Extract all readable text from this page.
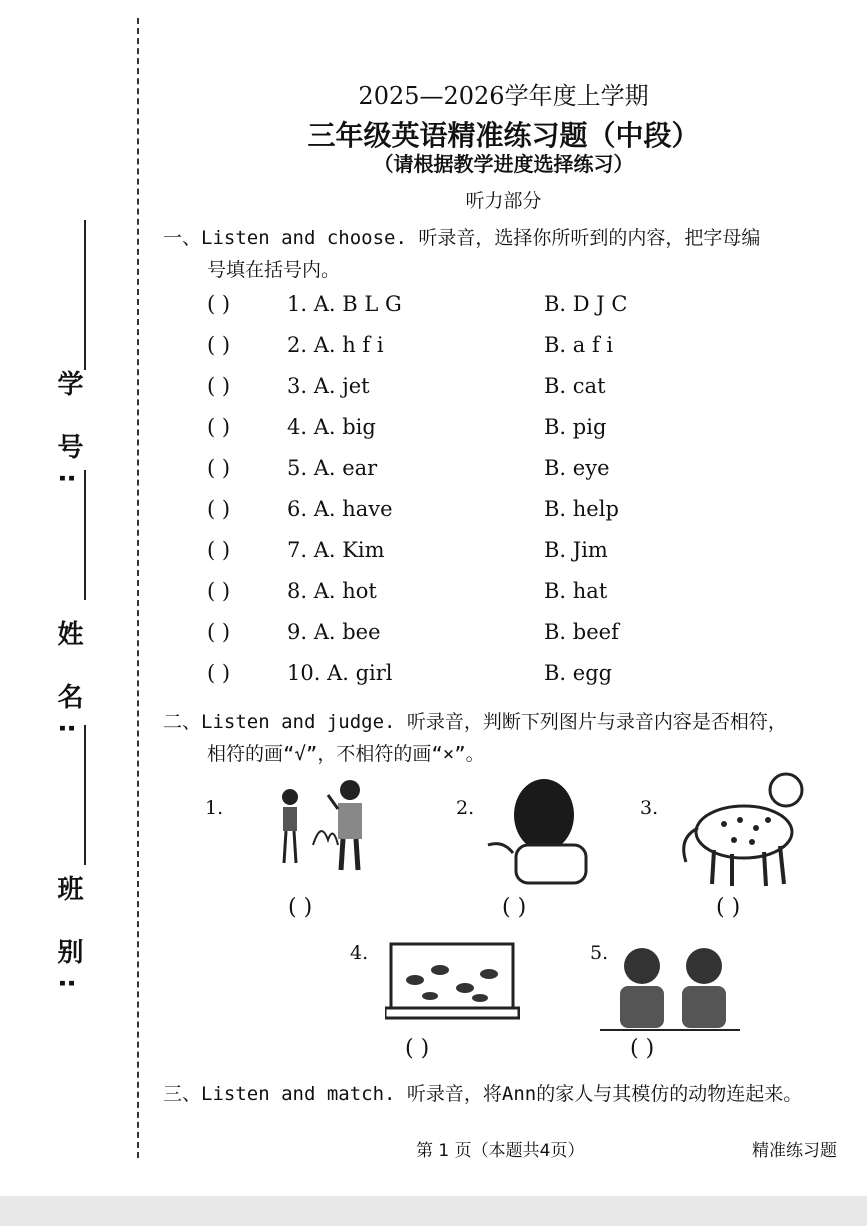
学 号:
姓 名:
班 别:
2025—2026学年度上学期
三年级英语精准练习题（中段）
（请根据教学进度选择练习）
听力部分
一、Listen and choose. 听录音，选择你所听到的内容，把字母编
号填在括号内。
( )	1. A. B L G	B. D J C
( )	2. A. h f i	B. a f i
( )	3. A. jet	B. cat
( )	4. A. big	B. pig
( )	5. A. ear	B. eye
( )	6. A. have	B. help
( )	7. A. Kim	B. Jim
( )	8. A. hot	B. hat
( )	9. A. bee	B. beef
( )	10. A. girl	B. egg
二、Listen and judge. 听录音，判断下列图片与录音内容是否相符，
相符的画“√”，不相符的画“×”。
1.
( )
2.
( )
3.
( )
4.
( )
5.
( )
三、Listen and match. 听录音，将Ann的家人与其模仿的动物连起来。
第 1 页（本题共4页）	精准练习题
